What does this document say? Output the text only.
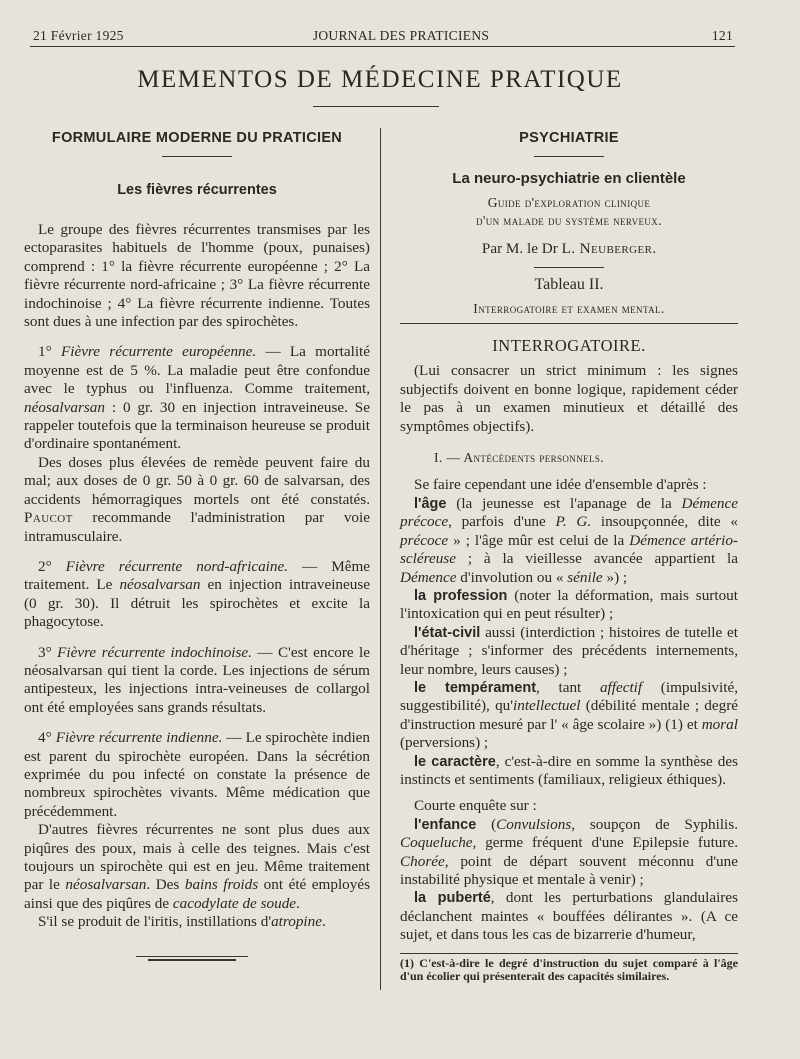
21 Février 1925	JOURNAL DES PRATICIENS	121
MEMENTOS DE MÉDECINE PRATIQUE
FORMULAIRE MODERNE DU PRATICIEN
Les fièvres récurrentes

Le groupe des fièvres récurrentes transmises par les ectoparasites habituels de l'homme (poux, punaises) comprend : 1° la fièvre récurrente européenne ; 2° La fièvre récurrente nord-africaine ; 3° La fièvre récurrente indochinoise ; 4° La fièvre récurrente indienne. Toutes sont dues à une infection par des spirochètes.

1° Fièvre récurrente européenne. — La mortalité moyenne est de 5 %. La maladie peut être confondue avec le typhus ou l'influenza. Comme traitement, néosalvarsan : 0 gr. 30 en injection intraveineuse. Se rappeler toutefois que la terminaison heureuse se produit d'ordinaire spontanément.

Des doses plus élevées de remède peuvent faire du mal; aux doses de 0 gr. 50 à 0 gr. 60 de salvarsan, des accidents hémorragiques mortels ont été constatés. Paucot recommande l'administration par voie intramusculaire.

2° Fièvre récurrente nord-africaine. — Même traitement. Le néosalvarsan en injection intraveineuse (0 gr. 30). Il détruit les spirochètes et excite la phagocytose.

3° Fièvre récurrente indochinoise. — C'est encore le néosalvarsan qui tient la corde. Les injections de sérum antipesteux, les injections intra-veineuses de collargol ont été employées sans grands résultats.

4° Fièvre récurrente indienne. — Le spirochète indien est parent du spirochète européen. Dans la sécrétion exprimée du pou infecté on constate la présence de nombreux spirochètes vivants. Même médication que précédemment.

D'autres fièvres récurrentes ne sont plus dues aux piqûres des poux, mais à celle des teignes. Mais c'est toujours un spirochète qui est en jeu. Même traitement par le néosalvarsan. Des bains froids ont été employés ainsi que des piqûres de cacodylate de soude.

S'il se produit de l'iritis, instillations d'atropine.

PSYCHIATRIE
La neuro-psychiatrie en clientèle

Guide d'exploration clinique

d'un malade du système nerveux.

Par M. le Dr L. Neuberger.

Tableau II.

Interrogatoire et examen mental.

INTERROGATOIRE.

(Lui consacrer un strict minimum : les signes subjectifs doivent en bonne logique, rapidement céder le pas à un examen minutieux et détaillé des symptômes objectifs).

I. — Antécédents personnels.

Se faire cependant une idée d'ensemble d'après :

l'âge (la jeunesse est l'apanage de la Démence précoce, parfois d'une P. G. insoupçonnée, dite « précoce » ; l'âge mûr est celui de la Démence artério-scléreuse ; à la vieillesse avancée appartient la Démence d'involution ou « sénile ») ;

la profession (noter la déformation, mais surtout l'intoxication qui en peut résulter) ;

l'état-civil aussi (interdiction ; histoires de tutelle et d'héritage ; s'informer des précédents internements, leur nombre, leurs causes) ;

le tempérament, tant affectif (impulsivité, suggestibilité), qu'intellectuel (débilité mentale ; degré d'instruction mesuré par l' « âge scolaire ») (1) et moral (perversions) ;

le caractère, c'est-à-dire en somme la synthèse des instincts et sentiments (familiaux, religieux éthiques).

Courte enquête sur :

l'enfance (Convulsions, soupçon de Syphilis. Coqueluche, germe fréquent d'une Epilepsie future. Chorée, point de départ souvent méconnu d'une instabilité physique et mentale à venir) ;

la puberté, dont les perturbations glandulaires déclanchent maintes « bouffées délirantes ». (A ce sujet, et dans tous les cas de bizarrerie d'humeur,

(1) C'est-à-dire le degré d'instruction du sujet comparé à l'âge d'un écolier qui présenterait des capacités similaires.
